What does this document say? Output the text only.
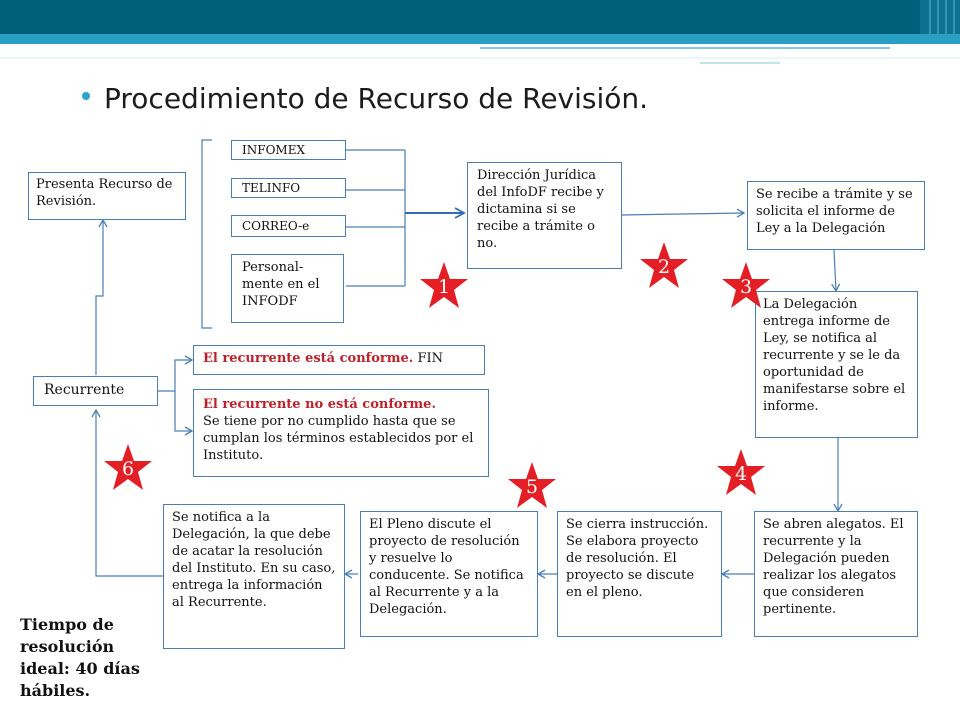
Procedimiento de Recurso de Revisión.
Presenta Recurso de Revisión.
INFOMEX
TELINFO
CORREO-e
Personal-
mente en el INFODF
Dirección Jurídica del InfoDF recibe y dictamina si se recibe a trámite o no.
Se recibe a trámite y se solicita el informe de Ley a la Delegación
La Delegación entrega informe de Ley, se notifica al recurrente y se le da oportunidad de manifestarse sobre el informe.
Recurrente
El recurrente está conforme. FIN
El recurrente no está conforme.
Se tiene por no cumplido hasta que se cumplan los términos establecidos por el Instituto.
Se abren alegatos. El recurrente y la Delegación pueden realizar los alegatos que consideren pertinente.
Se cierra instrucción. Se elabora proyecto de resolución. El proyecto se discute en el pleno.
El Pleno discute el proyecto de resolución y resuelve lo conducente. Se notifica al Recurrente y a la Delegación.
Se notifica a la Delegación, la que debe de acatar la resolución del Instituto. En su caso, entrega la información al Recurrente.
1
2
3
4
5
6
Tiempo de resolución ideal: 40 días hábiles.
